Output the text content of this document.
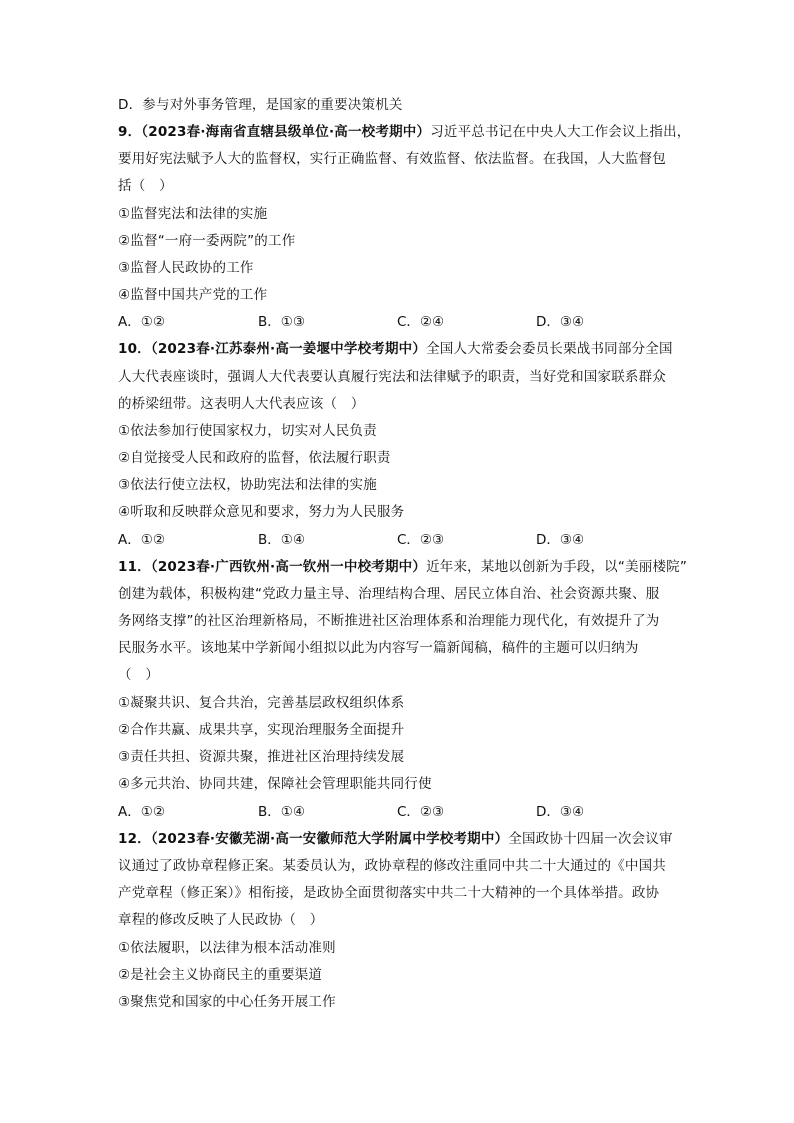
D．参与对外事务管理，是国家的重要决策机关
9．（2023春·海南省直辖县级单位·高一校考期中）习近平总书记在中央人大工作会议上指出，
要用好宪法赋予人大的监督权，实行正确监督、有效监督、依法监督。在我国，人大监督包
括（　）
①监督宪法和法律的实施
②监督“一府一委两院”的工作
③监督人民政协的工作
④监督中国共产党的工作
A．①②	B．①③	C．②④	D．③④
10．（2023春·江苏泰州·高一姜堰中学校考期中）全国人大常委会委员长栗战书同部分全国
人大代表座谈时，强调人大代表要认真履行宪法和法律赋予的职责，当好党和国家联系群众
的桥梁纽带。这表明人大代表应该（　）
①依法参加行使国家权力，切实对人民负责
②自觉接受人民和政府的监督，依法履行职责
③依法行使立法权，协助宪法和法律的实施
④听取和反映群众意见和要求，努力为人民服务
A．①②	B．①④	C．②③	D．③④
11．（2023春·广西钦州·高一钦州一中校考期中）近年来，某地以创新为手段，以“美丽楼院”
创建为载体，积极构建“党政力量主导、治理结构合理、居民立体自治、社会资源共聚、服
务网络支撑”的社区治理新格局，不断推进社区治理体系和治理能力现代化，有效提升了为
民服务水平。该地某中学新闻小组拟以此为内容写一篇新闻稿，稿件的主题可以归纳为
（　）
①凝聚共识、复合共治，完善基层政权组织体系
②合作共赢、成果共享，实现治理服务全面提升
③责任共担、资源共聚，推进社区治理持续发展
④多元共治、协同共建，保障社会管理职能共同行使
A．①②	B．①④	C．②③	D．③④
12．（2023春·安徽芜湖·高一安徽师范大学附属中学校考期中）全国政协十四届一次会议审
议通过了政协章程修正案。某委员认为，政协章程的修改注重同中共二十大通过的《中国共
产党章程（修正案）》相衔接，是政协全面贯彻落实中共二十大精神的一个具体举措。政协
章程的修改反映了人民政协（　）
①依法履职，以法律为根本活动准则
②是社会主义协商民主的重要渠道
③聚焦党和国家的中心任务开展工作
